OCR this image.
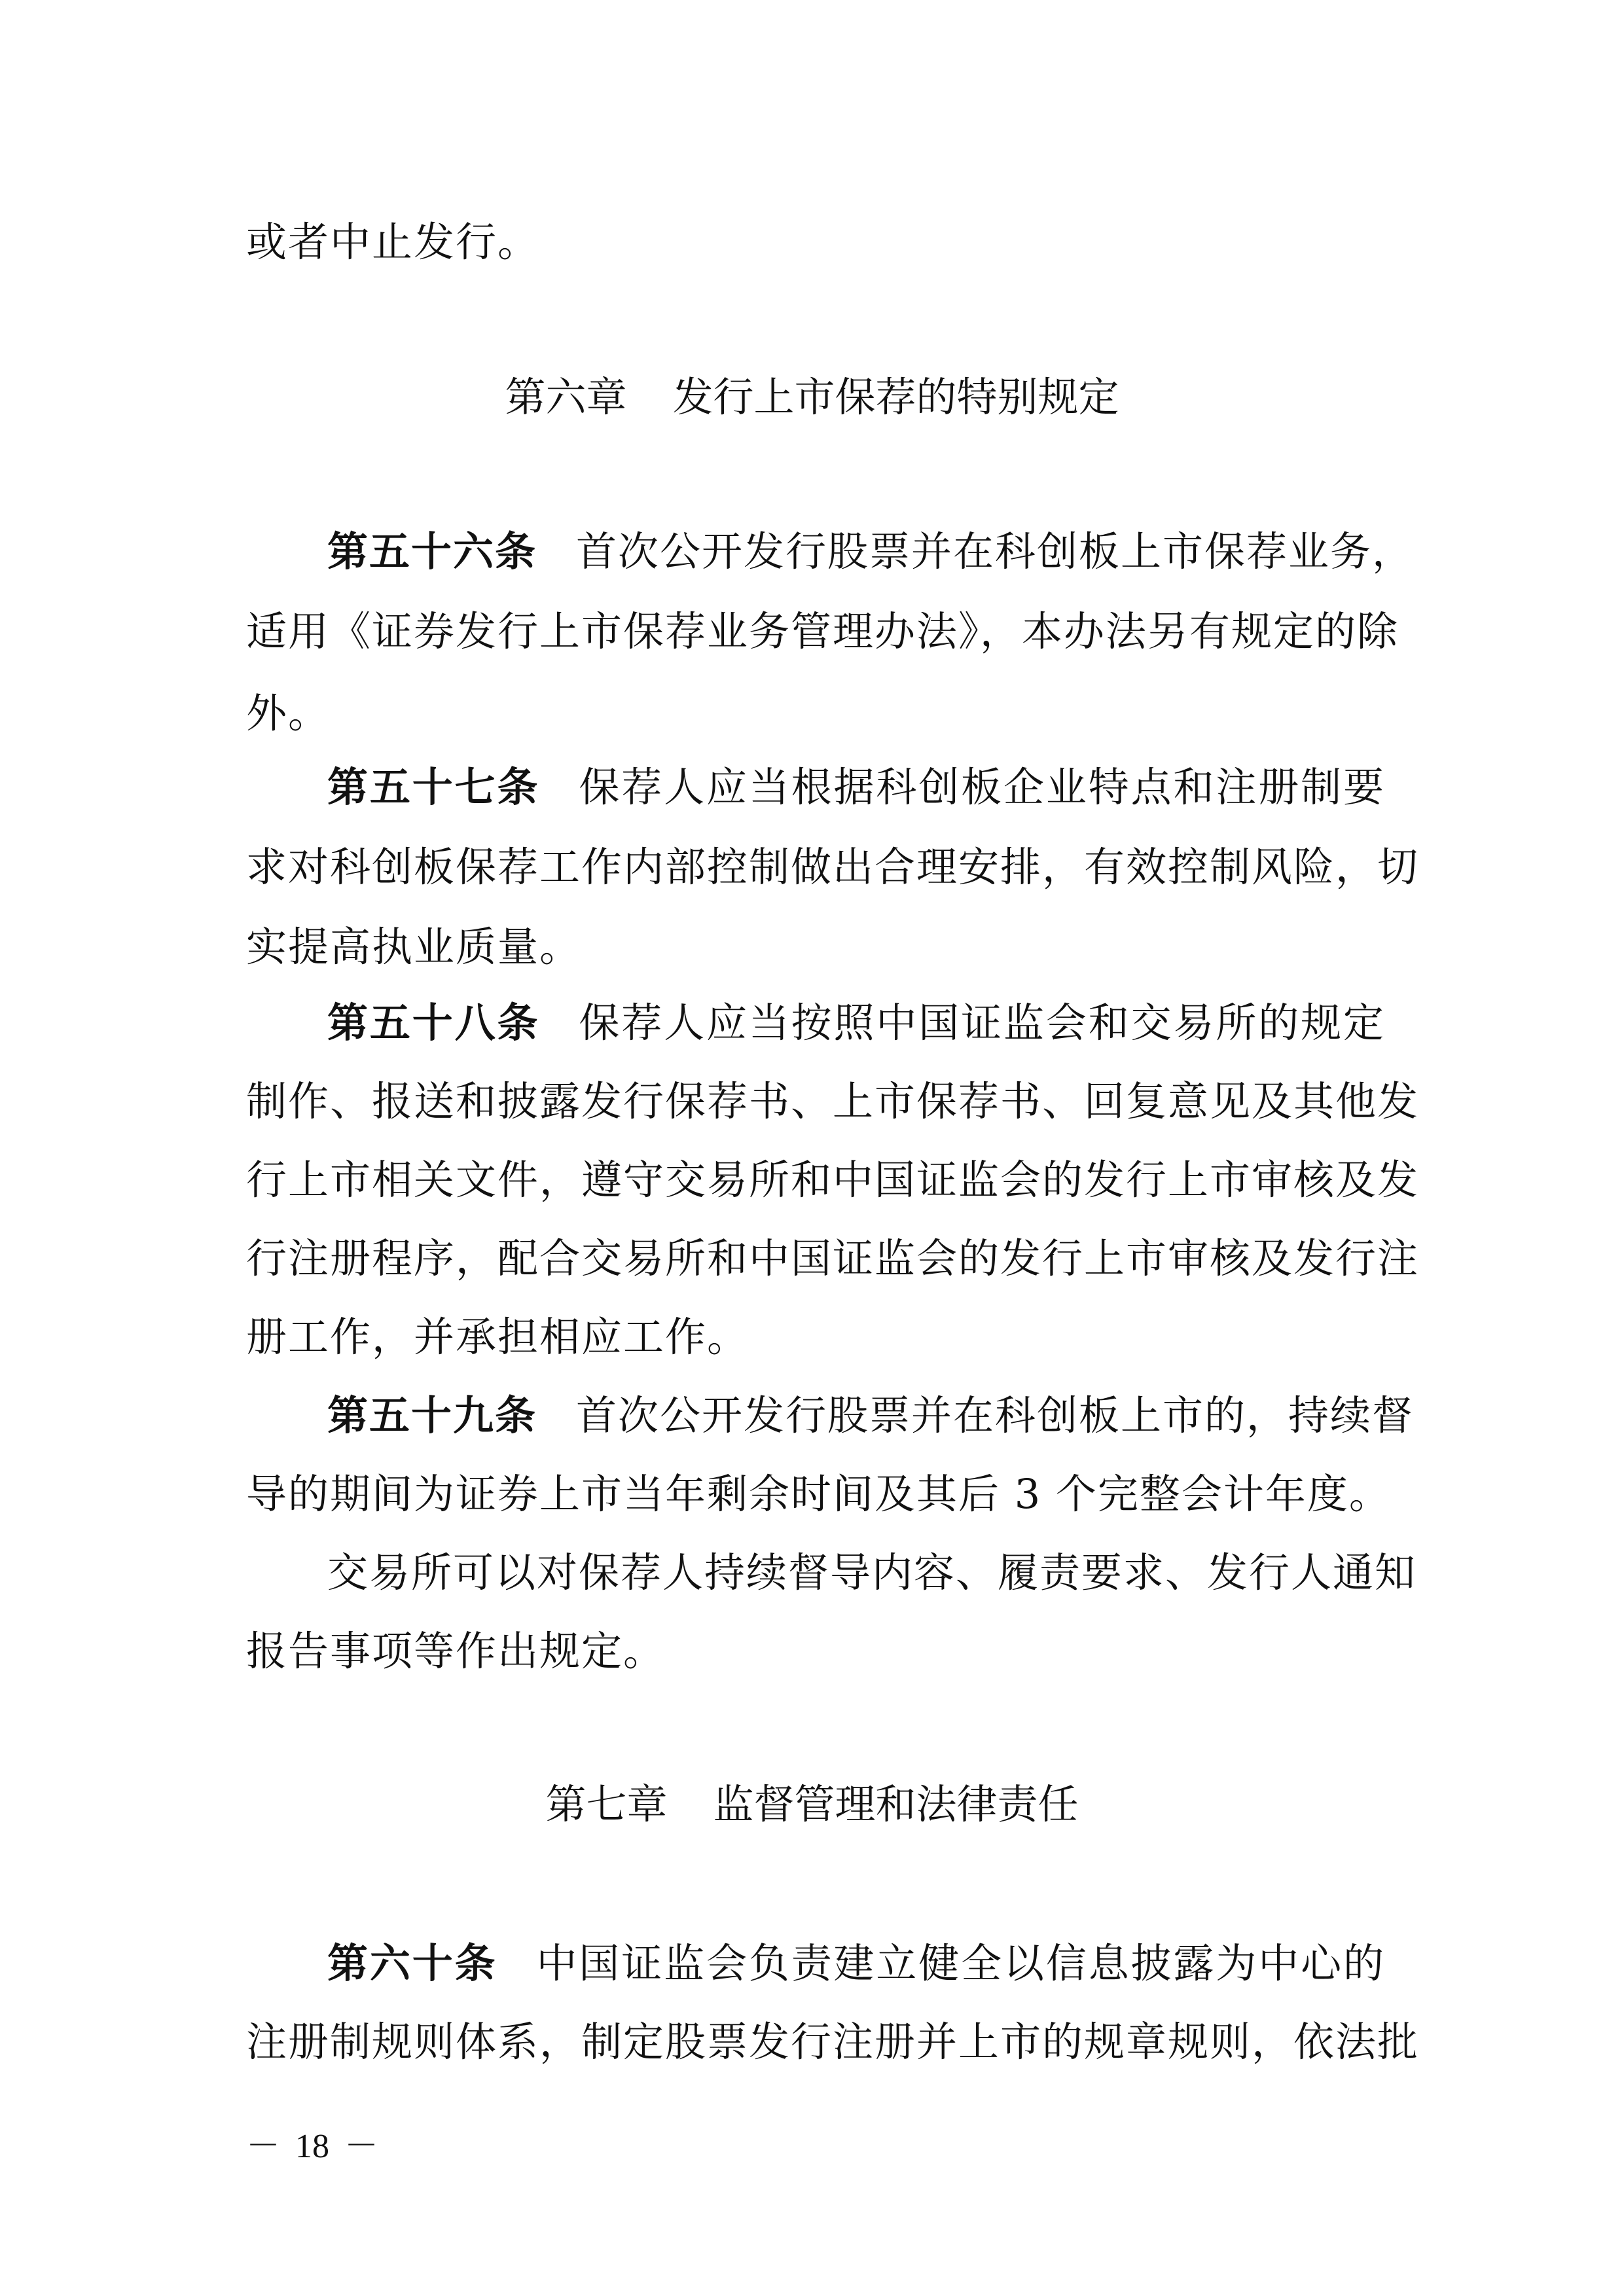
或者中止发行。
第六章 发行上市保荐的特别规定
第五十六条 首次公开发行股票并在科创板上市保荐业务，
适用《证券发行上市保荐业务管理办法》，本办法另有规定的除
外。
第五十七条 保荐人应当根据科创板企业特点和注册制要
求对科创板保荐工作内部控制做出合理安排，有效控制风险，切
实提高执业质量。
第五十八条 保荐人应当按照中国证监会和交易所的规定
制作、报送和披露发行保荐书、上市保荐书、回复意见及其他发
行上市相关文件，遵守交易所和中国证监会的发行上市审核及发
行注册程序，配合交易所和中国证监会的发行上市审核及发行注
册工作，并承担相应工作。
第五十九条 首次公开发行股票并在科创板上市的，持续督
导的期间为证券上市当年剩余时间及其后 3 个完整会计年度。
交易所可以对保荐人持续督导内容、履责要求、发行人通知
报告事项等作出规定。
第七章 监督管理和法律责任
第六十条 中国证监会负责建立健全以信息披露为中心的
注册制规则体系，制定股票发行注册并上市的规章规则，依法批
－ 18 －
